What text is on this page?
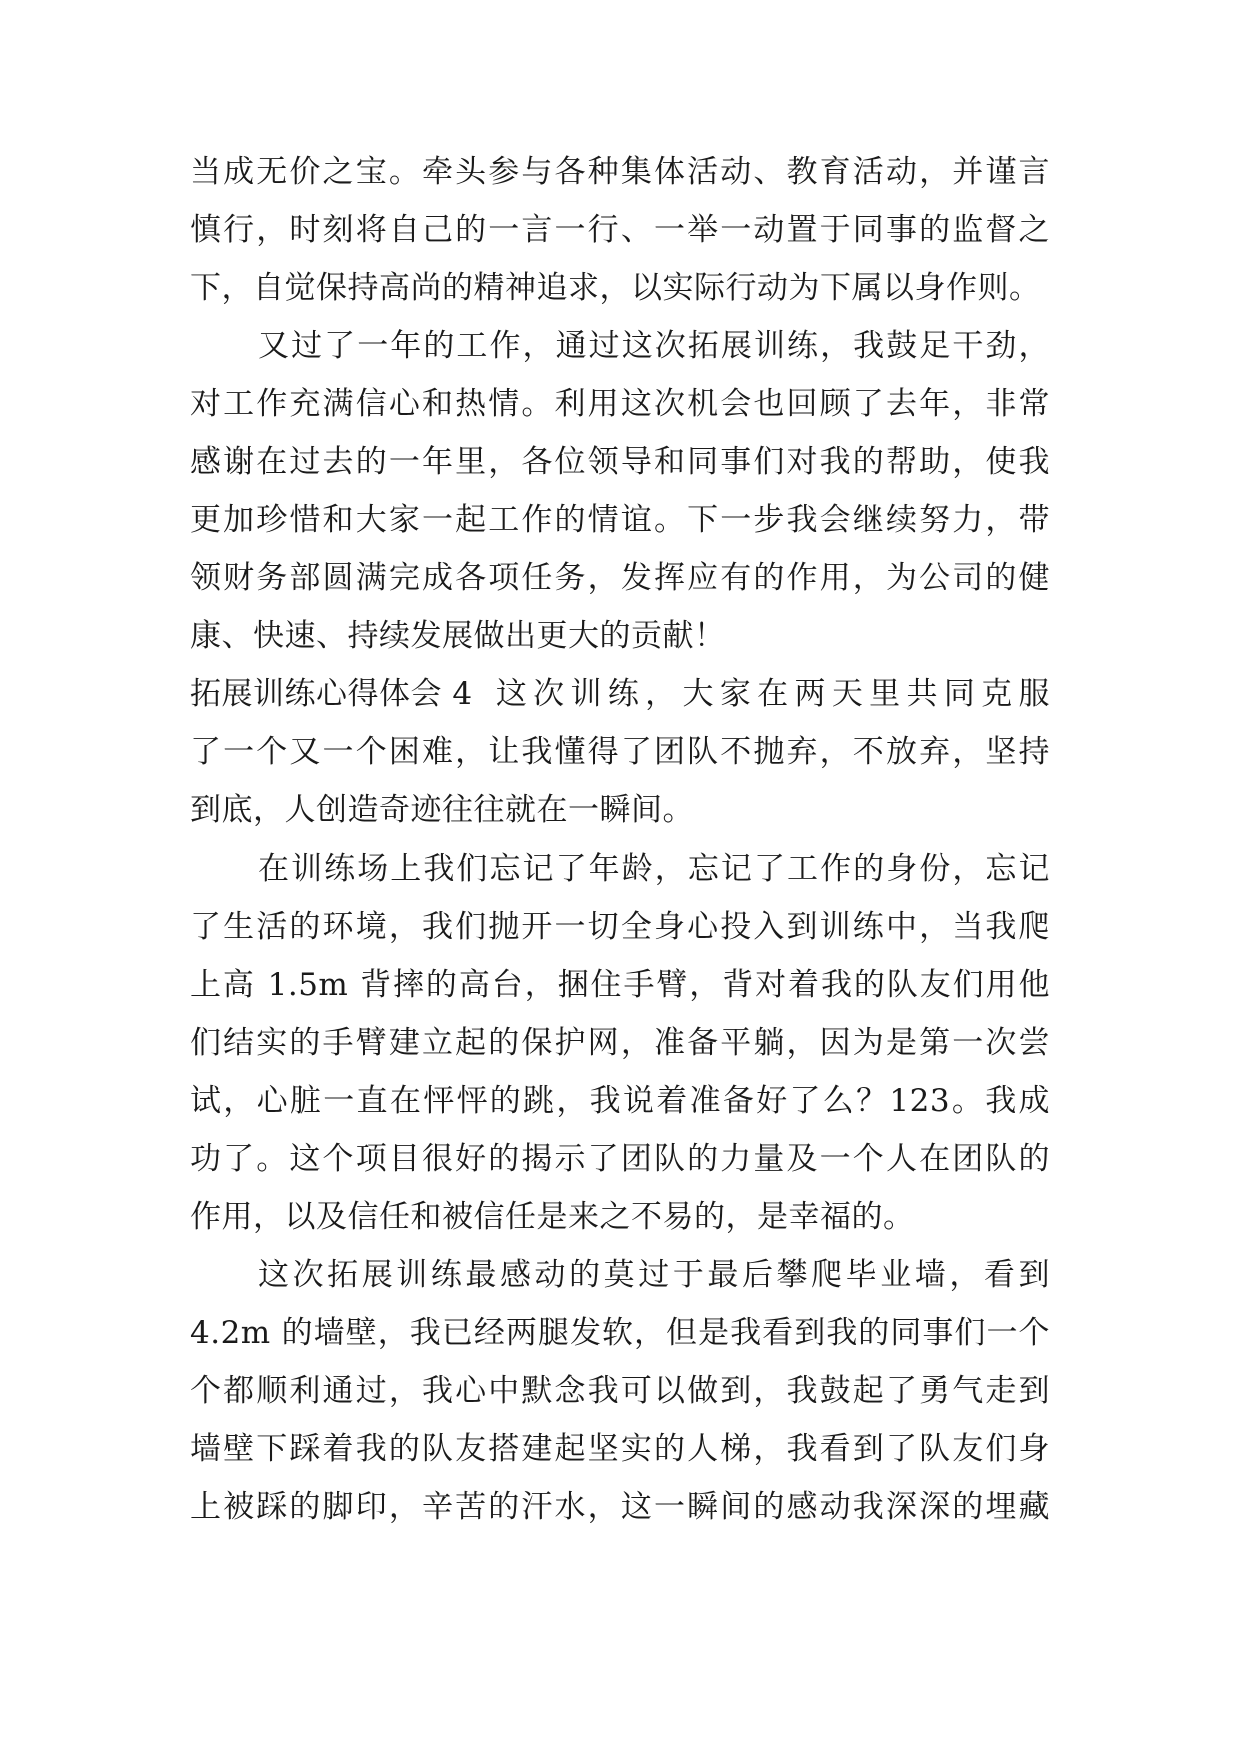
当成无价之宝。牵头参与各种集体活动、教育活动，并谨言
慎行，时刻将自己的一言一行、一举一动置于同事的监督之
下，自觉保持高尚的精神追求，以实际行动为下属以身作则。
又过了一年的工作，通过这次拓展训练，我鼓足干劲，
对工作充满信心和热情。利用这次机会也回顾了去年，非常
感谢在过去的一年里，各位领导和同事们对我的帮助，使我
更加珍惜和大家一起工作的情谊。下一步我会继续努力，带
领财务部圆满完成各项任务，发挥应有的作用，为公司的健
康、快速、持续发展做出更大的贡献！
拓展训练心得体会 4 这次训练，大家在两天里共同克服
了一个又一个困难，让我懂得了团队不抛弃，不放弃，坚持
到底，人创造奇迹往往就在一瞬间。
在训练场上我们忘记了年龄，忘记了工作的身份，忘记
了生活的环境，我们抛开一切全身心投入到训练中，当我爬
上高 1.5m 背摔的高台，捆住手臂，背对着我的队友们用他
们结实的手臂建立起的保护网，准备平躺，因为是第一次尝
试，心脏一直在怦怦的跳，我说着准备好了么？123。我成
功了。这个项目很好的揭示了团队的力量及一个人在团队的
作用，以及信任和被信任是来之不易的，是幸福的。
这次拓展训练最感动的莫过于最后攀爬毕业墙，看到
4.2m 的墙壁，我已经两腿发软，但是我看到我的同事们一个
个都顺利通过，我心中默念我可以做到，我鼓起了勇气走到
墙壁下踩着我的队友搭建起坚实的人梯，我看到了队友们身
上被踩的脚印，辛苦的汗水，这一瞬间的感动我深深的埋藏
